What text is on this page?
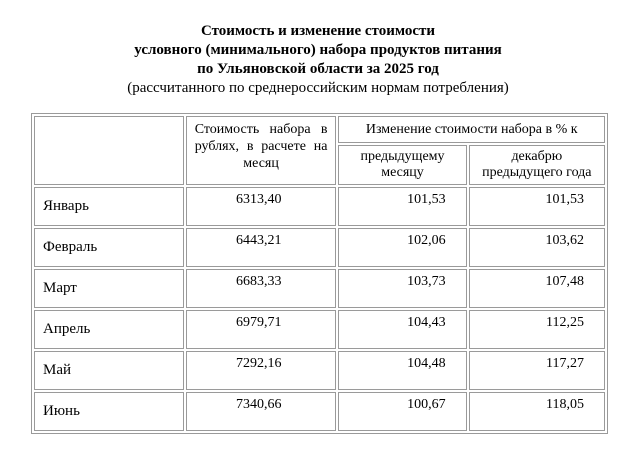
Стоимость и изменение стоимости
условного (минимального) набора продуктов питания
по Ульяновской области за 2025 год
(рассчитанного по среднероссийским нормам потребления)
	Стоимость набора в рублях, в расчете на месяц	Изменение стоимости набора в % к	
		предыдущему месяцу	декабрю предыдущего года
Январь	6313,40	101,53	101,53
Февраль	6443,21	102,06	103,62
Март	6683,33	103,73	107,48
Апрель	6979,71	104,43	112,25
Май	7292,16	104,48	117,27
Июнь	7340,66	100,67	118,05
